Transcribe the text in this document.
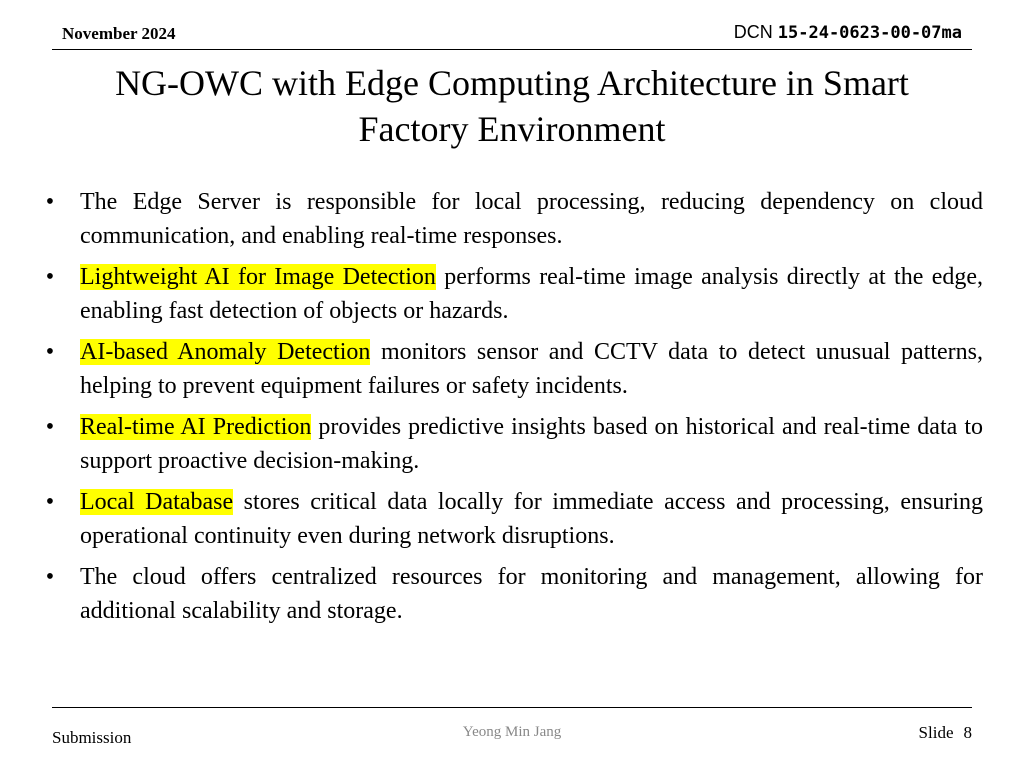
November 2024	DCN 15-24-0623-00-07ma
NG-OWC with Edge Computing Architecture in Smart
Factory Environment
• The Edge Server is responsible for local processing, reducing dependency on cloud communication, and enabling real-time responses.
• Lightweight AI for Image Detection performs real-time image analysis directly at the edge, enabling fast detection of objects or hazards.
• AI-based Anomaly Detection monitors sensor and CCTV data to detect unusual patterns, helping to prevent equipment failures or safety incidents.
• Real-time AI Prediction provides predictive insights based on historical and real-time data to support proactive decision-making.
• Local Database stores critical data locally for immediate access and processing, ensuring operational continuity even during network disruptions.
• The cloud offers centralized resources for monitoring and management, allowing for additional scalability and storage.
Submission	Yeong Min Jang	Slide 8
